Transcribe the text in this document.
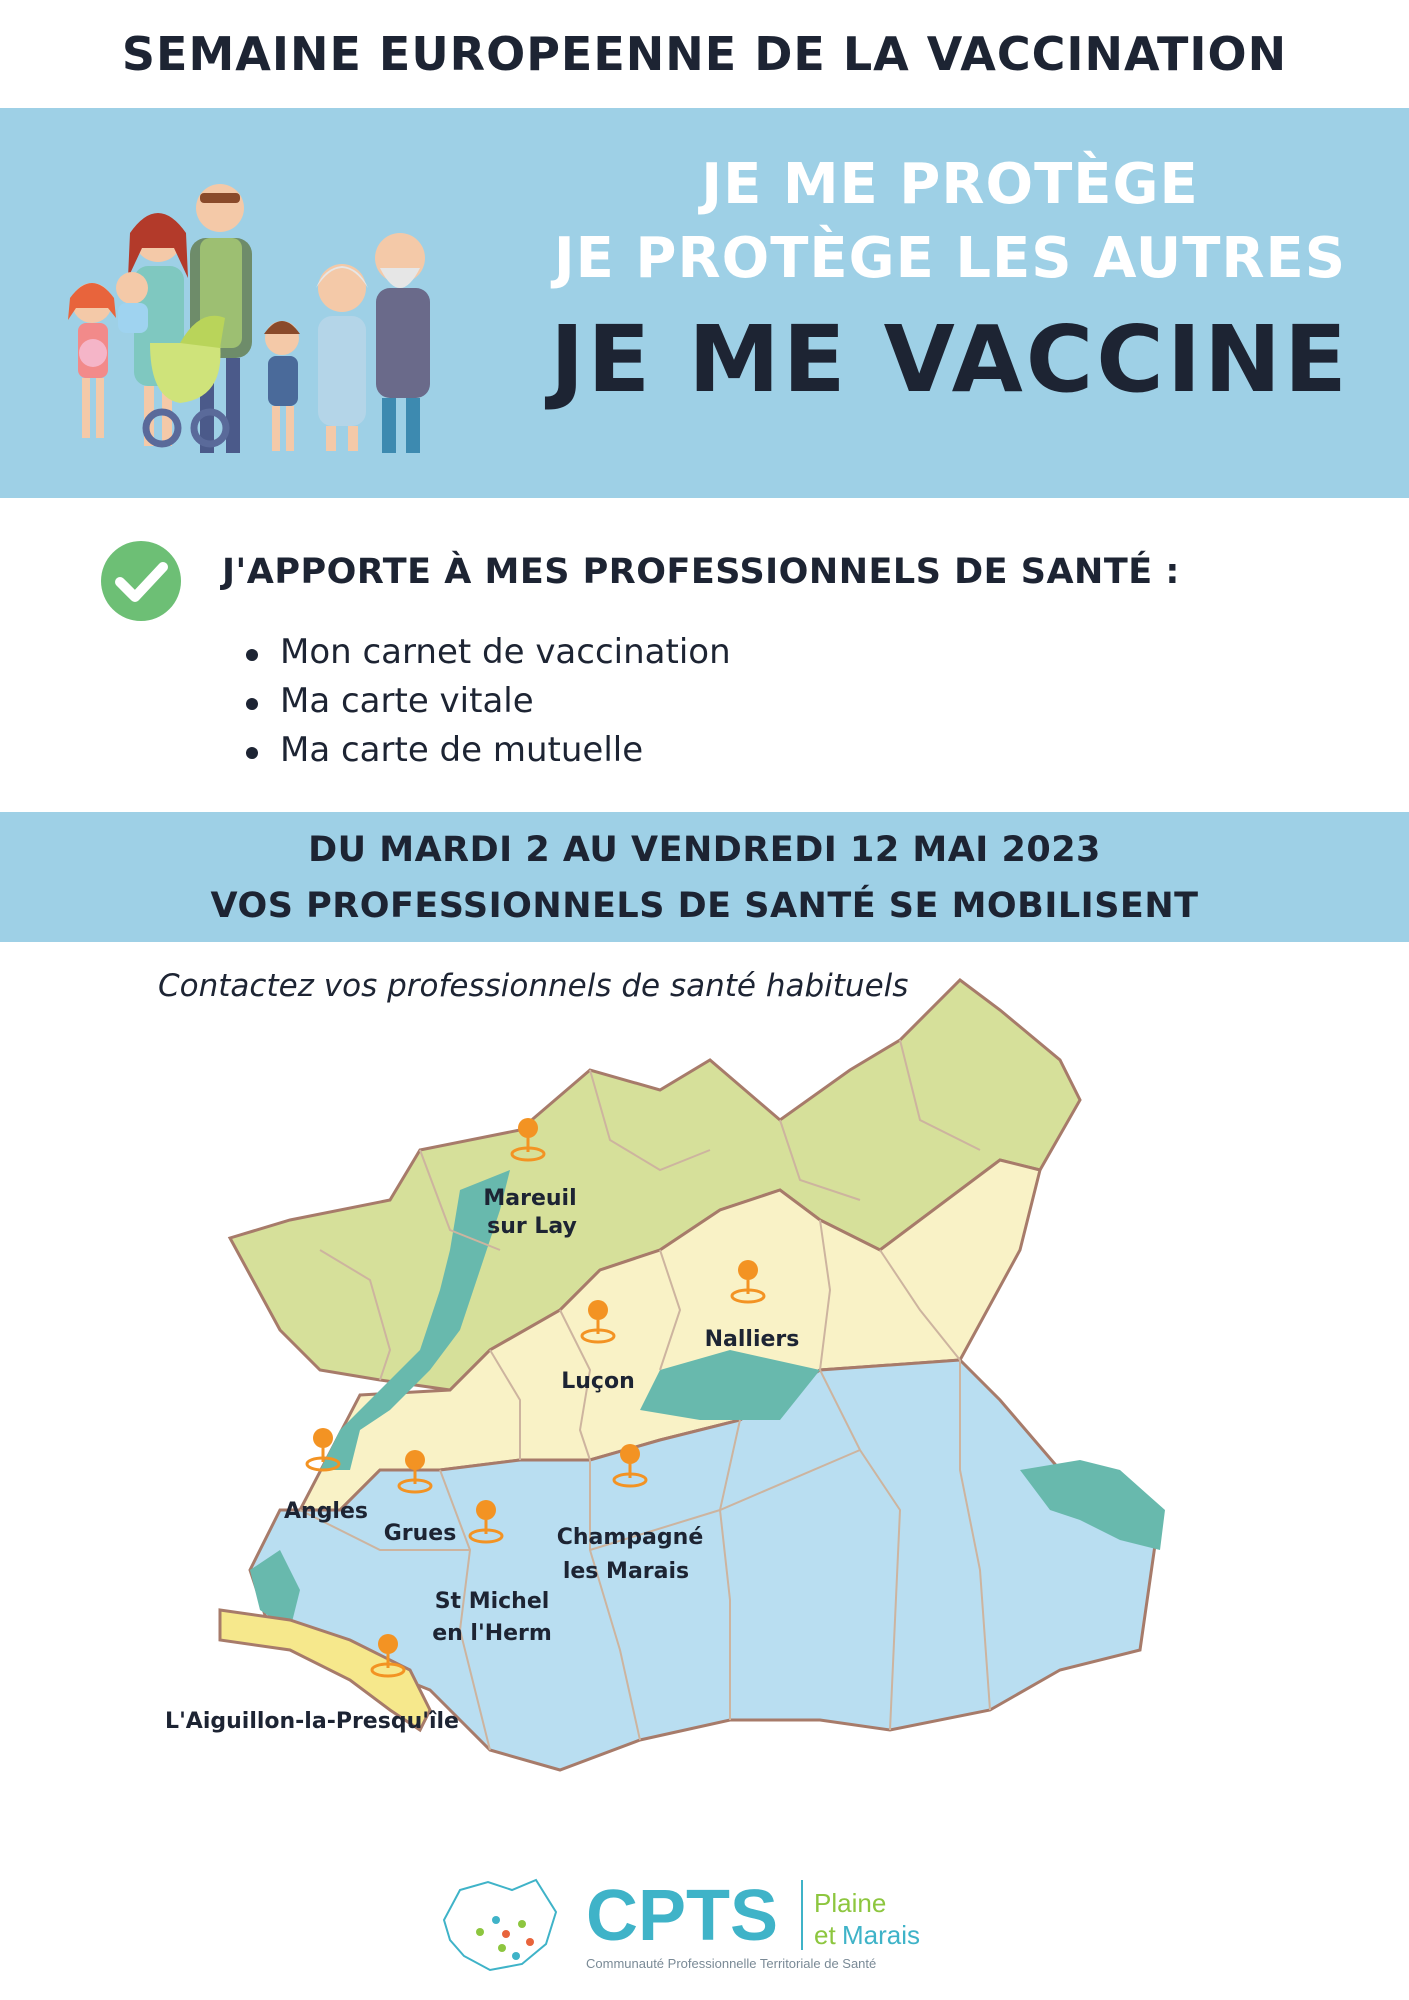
SEMAINE EUROPEENNE DE LA VACCINATION
JE ME PROTÈGE
JE PROTÈGE LES AUTRES
JE ME VACCINE
J'APPORTE À MES PROFESSIONNELS DE SANTÉ :
Mon carnet de vaccination
Ma carte vitale
Ma carte de mutuelle
DU MARDI 2 AU VENDREDI 12 MAI 2023
VOS PROFESSIONNELS DE SANTÉ SE MOBILISENT
Mareuil
sur Lay
Nalliers
Luçon
Angles
Grues	Champagné
les Marais
St Michel
en l'Herm
L'Aiguillon-la-Presqu'île
Contactez vos professionnels de santé habituels
CPTS Plaine
et Marais
Communauté Professionnelle Territoriale de Santé
